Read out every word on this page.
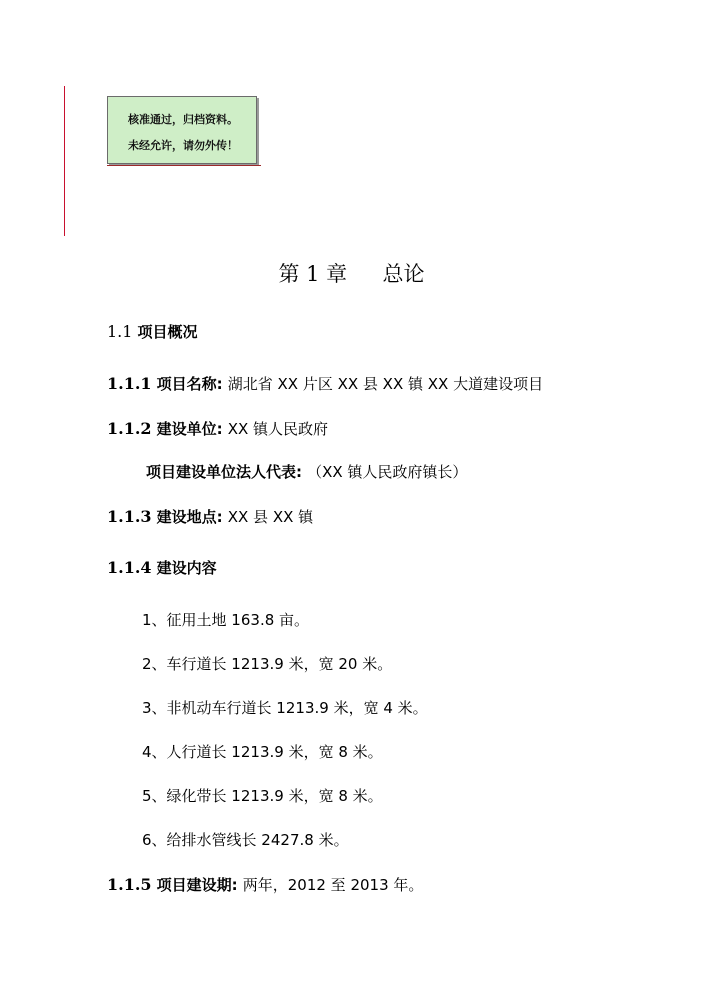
核准通过，归档资料。
未经允许，请勿外传！
第 1 章 总论
1.1 项目概况
1.1.1 项目名称: 湖北省 XX 片区 XX 县 XX 镇 XX 大道建设项目
1.1.2 建设单位: XX 镇人民政府
项目建设单位法人代表: （XX 镇人民政府镇长）
1.1.3 建设地点: XX 县 XX 镇
1.1.4 建设内容
1、征用土地 163.8 亩。
2、车行道长 1213.9 米，宽 20 米。
3、非机动车行道长 1213.9 米，宽 4 米。
4、人行道长 1213.9 米，宽 8 米。
5、绿化带长 1213.9 米，宽 8 米。
6、给排水管线长 2427.8 米。
1.1.5 项目建设期: 两年，2012 至 2013 年。
